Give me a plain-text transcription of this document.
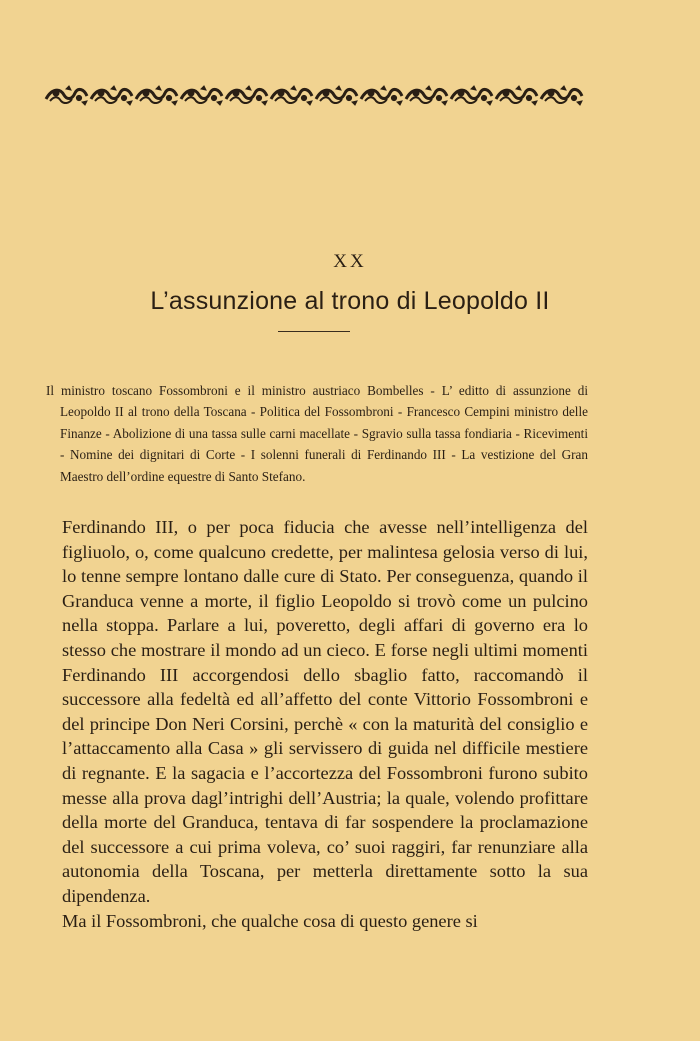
XX
L’assunzione al trono di Leopoldo II
Il ministro toscano Fossombroni e il ministro austriaco Bombelles - L’ editto di assunzione di Leopoldo II al trono della Toscana - Politica del Fossombroni - Francesco Cempini ministro delle Finanze - Abolizione di una tassa sulle carni macellate - Sgravio sulla tassa fondiaria - Ricevimenti - Nomine dei dignitari di Corte - I solenni funerali di Ferdinando III - La vestizione del Gran Maestro dell’ordine equestre di Santo Stefano.

Ferdinando III, o per poca fiducia che avesse nell’intelligenza del figliuolo, o, come qualcuno credette, per malintesa gelosia verso di lui, lo tenne sempre lontano dalle cure di Stato. Per conseguenza, quando il Granduca venne a morte, il figlio Leopoldo si trovò come un pulcino nella stoppa. Parlare a lui, poveretto, degli affari di governo era lo stesso che mostrare il mondo ad un cieco. E forse negli ultimi momenti Ferdinando III accorgendosi dello sbaglio fatto, raccomandò il successore alla fedeltà ed all’affetto del conte Vittorio Fossombroni e del principe Don Neri Corsini, perchè « con la maturità del consiglio e l’attaccamento alla Casa » gli servissero di guida nel difficile mestiere di regnante. E la sagacia e l’accortezza del Fossombroni furono subito messe alla prova dagl’intrighi dell’Austria; la quale, volendo profittare della morte del Granduca, tentava di far sospendere la proclamazione del successore a cui prima voleva, co’ suoi raggiri, far renunziare alla autonomia della Toscana, per metterla direttamente sotto la sua dipendenza.

Ma il Fossombroni, che qualche cosa di questo genere si
